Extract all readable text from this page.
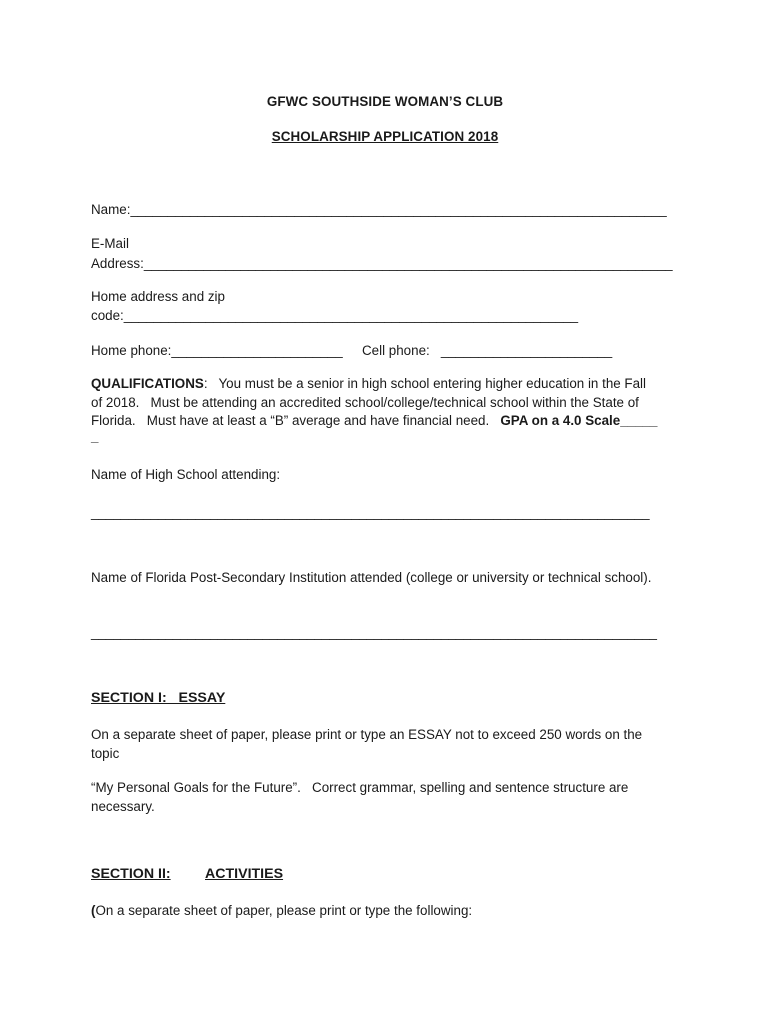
GFWC SOUTHSIDE WOMAN’S CLUB
SCHOLARSHIP APPLICATION 2018
Name:________________________________________________________________________
E-Mail
Address:_______________________________________________________________________
Home address and zip
code:_____________________________________________________________
Home phone:_______________________ Cell phone:   _______________________
QUALIFICATIONS:   You must be a senior in high school entering higher education in the Fall
of 2018.   Must be attending an accredited school/college/technical school within the State of
Florida.   Must have at least a “B” average and have financial need.   GPA on a 4.0 Scale_____
_
Name of High School attending:
___________________________________________________________________________
Name of Florida Post-Secondary Institution attended (college or university or technical school).
____________________________________________________________________________
SECTION I:   ESSAY
On a separate sheet of paper, please print or type an ESSAY not to exceed 250 words on the
topic
“My Personal Goals for the Future”.   Correct grammar, spelling and sentence structure are
necessary.
SECTION II: ACTIVITIES
(On a separate sheet of paper, please print or type the following:
